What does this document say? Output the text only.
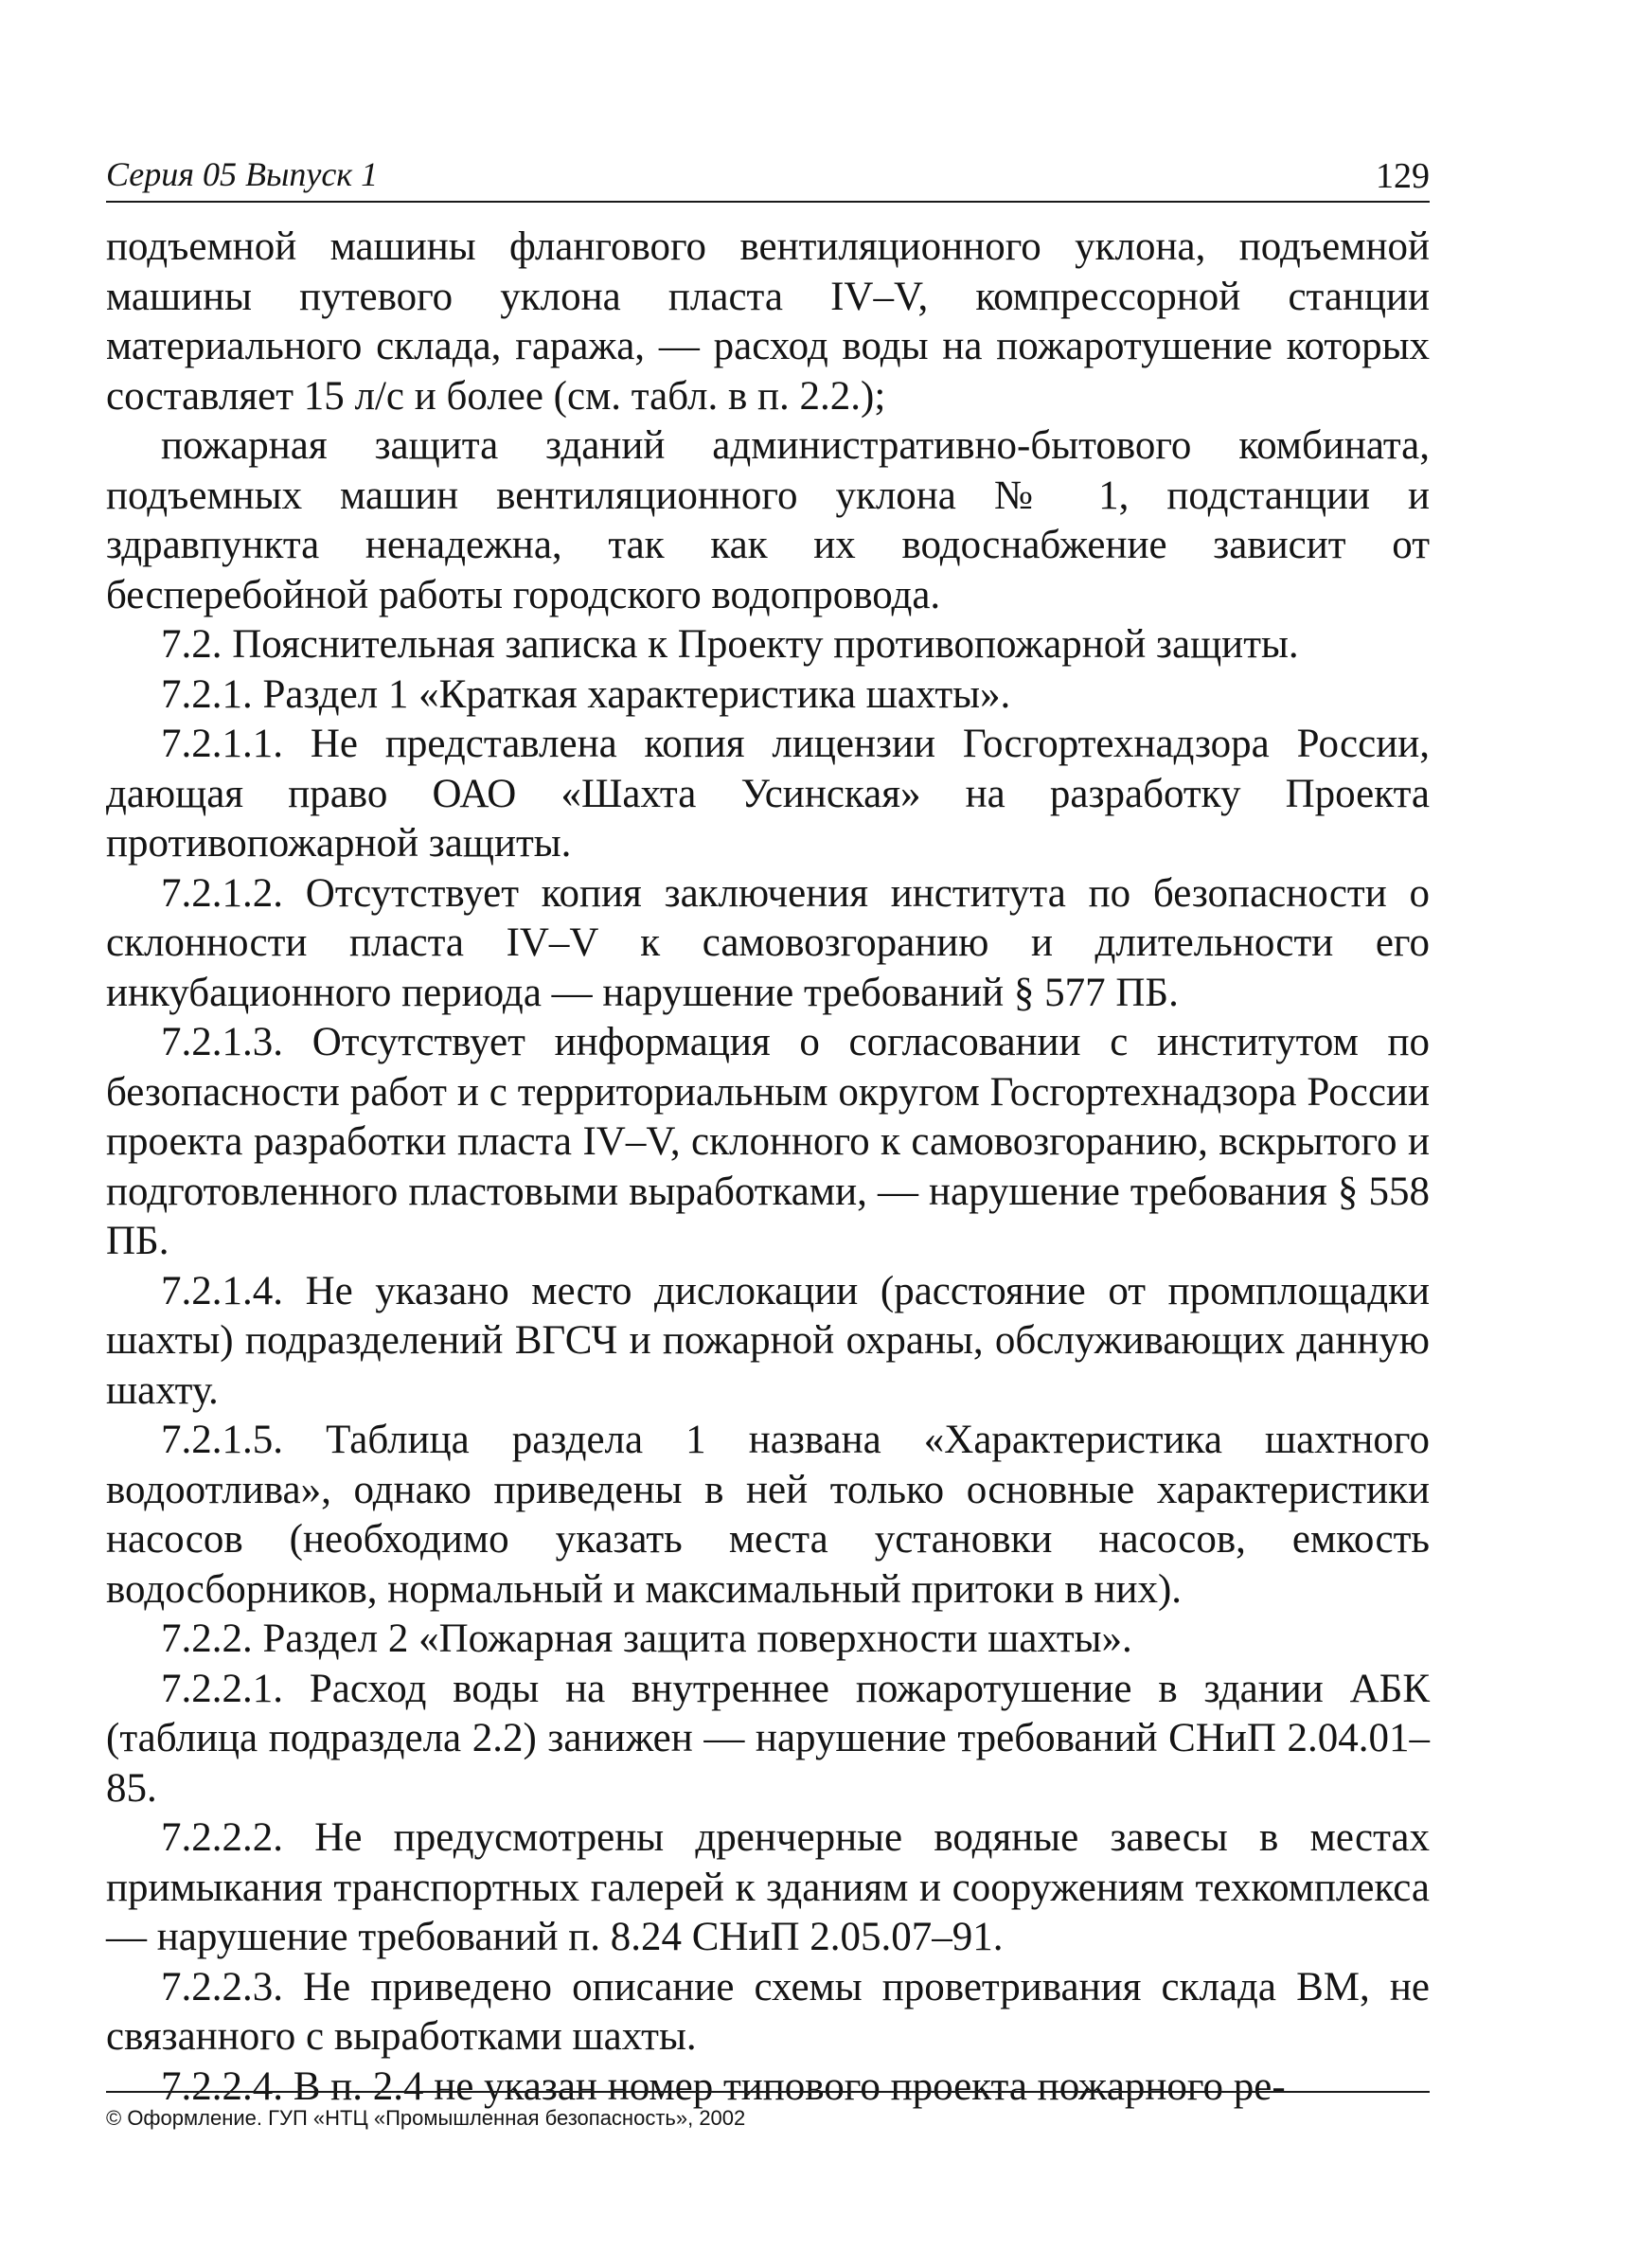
Серия 05 Выпуск 1	129

подъемной машины флангового вентиляционного уклона, подъемной машины путевого уклона пласта IV–V, компрессорной станции материального склада, гаража, — расход воды на пожаротушение которых составляет 15 л/с и более (см. табл. в п. 2.2.);

пожарная защита зданий административно-бытового комбината, подъемных машин вентиляционного уклона № 1, подстанции и здравпункта ненадежна, так как их водоснабжение зависит от бесперебойной работы городского водопровода.

7.2. Пояснительная записка к Проекту противопожарной защиты.

7.2.1. Раздел 1 «Краткая характеристика шахты».

7.2.1.1. Не представлена копия лицензии Госгортехнадзора России, дающая право ОАО «Шахта Усинская» на разработку Проекта противопожарной защиты.

7.2.1.2. Отсутствует копия заключения института по безопасности о склонности пласта IV–V к самовозгоранию и длительности его инкубационного периода — нарушение требований § 577 ПБ.

7.2.1.3. Отсутствует информация о согласовании с институтом по безопасности работ и с территориальным округом Госгортехнадзора России проекта разработки пласта IV–V, склонного к самовозгоранию, вскрытого и подготовленного пластовыми выработками, — нарушение требования § 558 ПБ.

7.2.1.4. Не указано место дислокации (расстояние от промплощадки шахты) подразделений ВГСЧ и пожарной охраны, обслуживающих данную шахту.

7.2.1.5. Таблица раздела 1 названа «Характеристика шахтного водоотлива», однако приведены в ней только основные характеристики насосов (необходимо указать места установки насосов, емкость водосборников, нормальный и максимальный притоки в них).

7.2.2. Раздел 2 «Пожарная защита поверхности шахты».

7.2.2.1. Расход воды на внутреннее пожаротушение в здании АБК (таблица подраздела 2.2) занижен — нарушение требований СНиП 2.04.01–85.

7.2.2.2. Не предусмотрены дренчерные водяные завесы в местах примыкания транспортных галерей к зданиям и сооружениям техкомплекса — нарушение требований п. 8.24 СНиП 2.05.07–91.

7.2.2.3. Не приведено описание схемы проветривания склада ВМ, не связанного с выработками шахты.

7.2.2.4. В п. 2.4 не указан номер типового проекта пожарного ре-

© Оформление. ГУП «НТЦ «Промышленная безопасность», 2002
